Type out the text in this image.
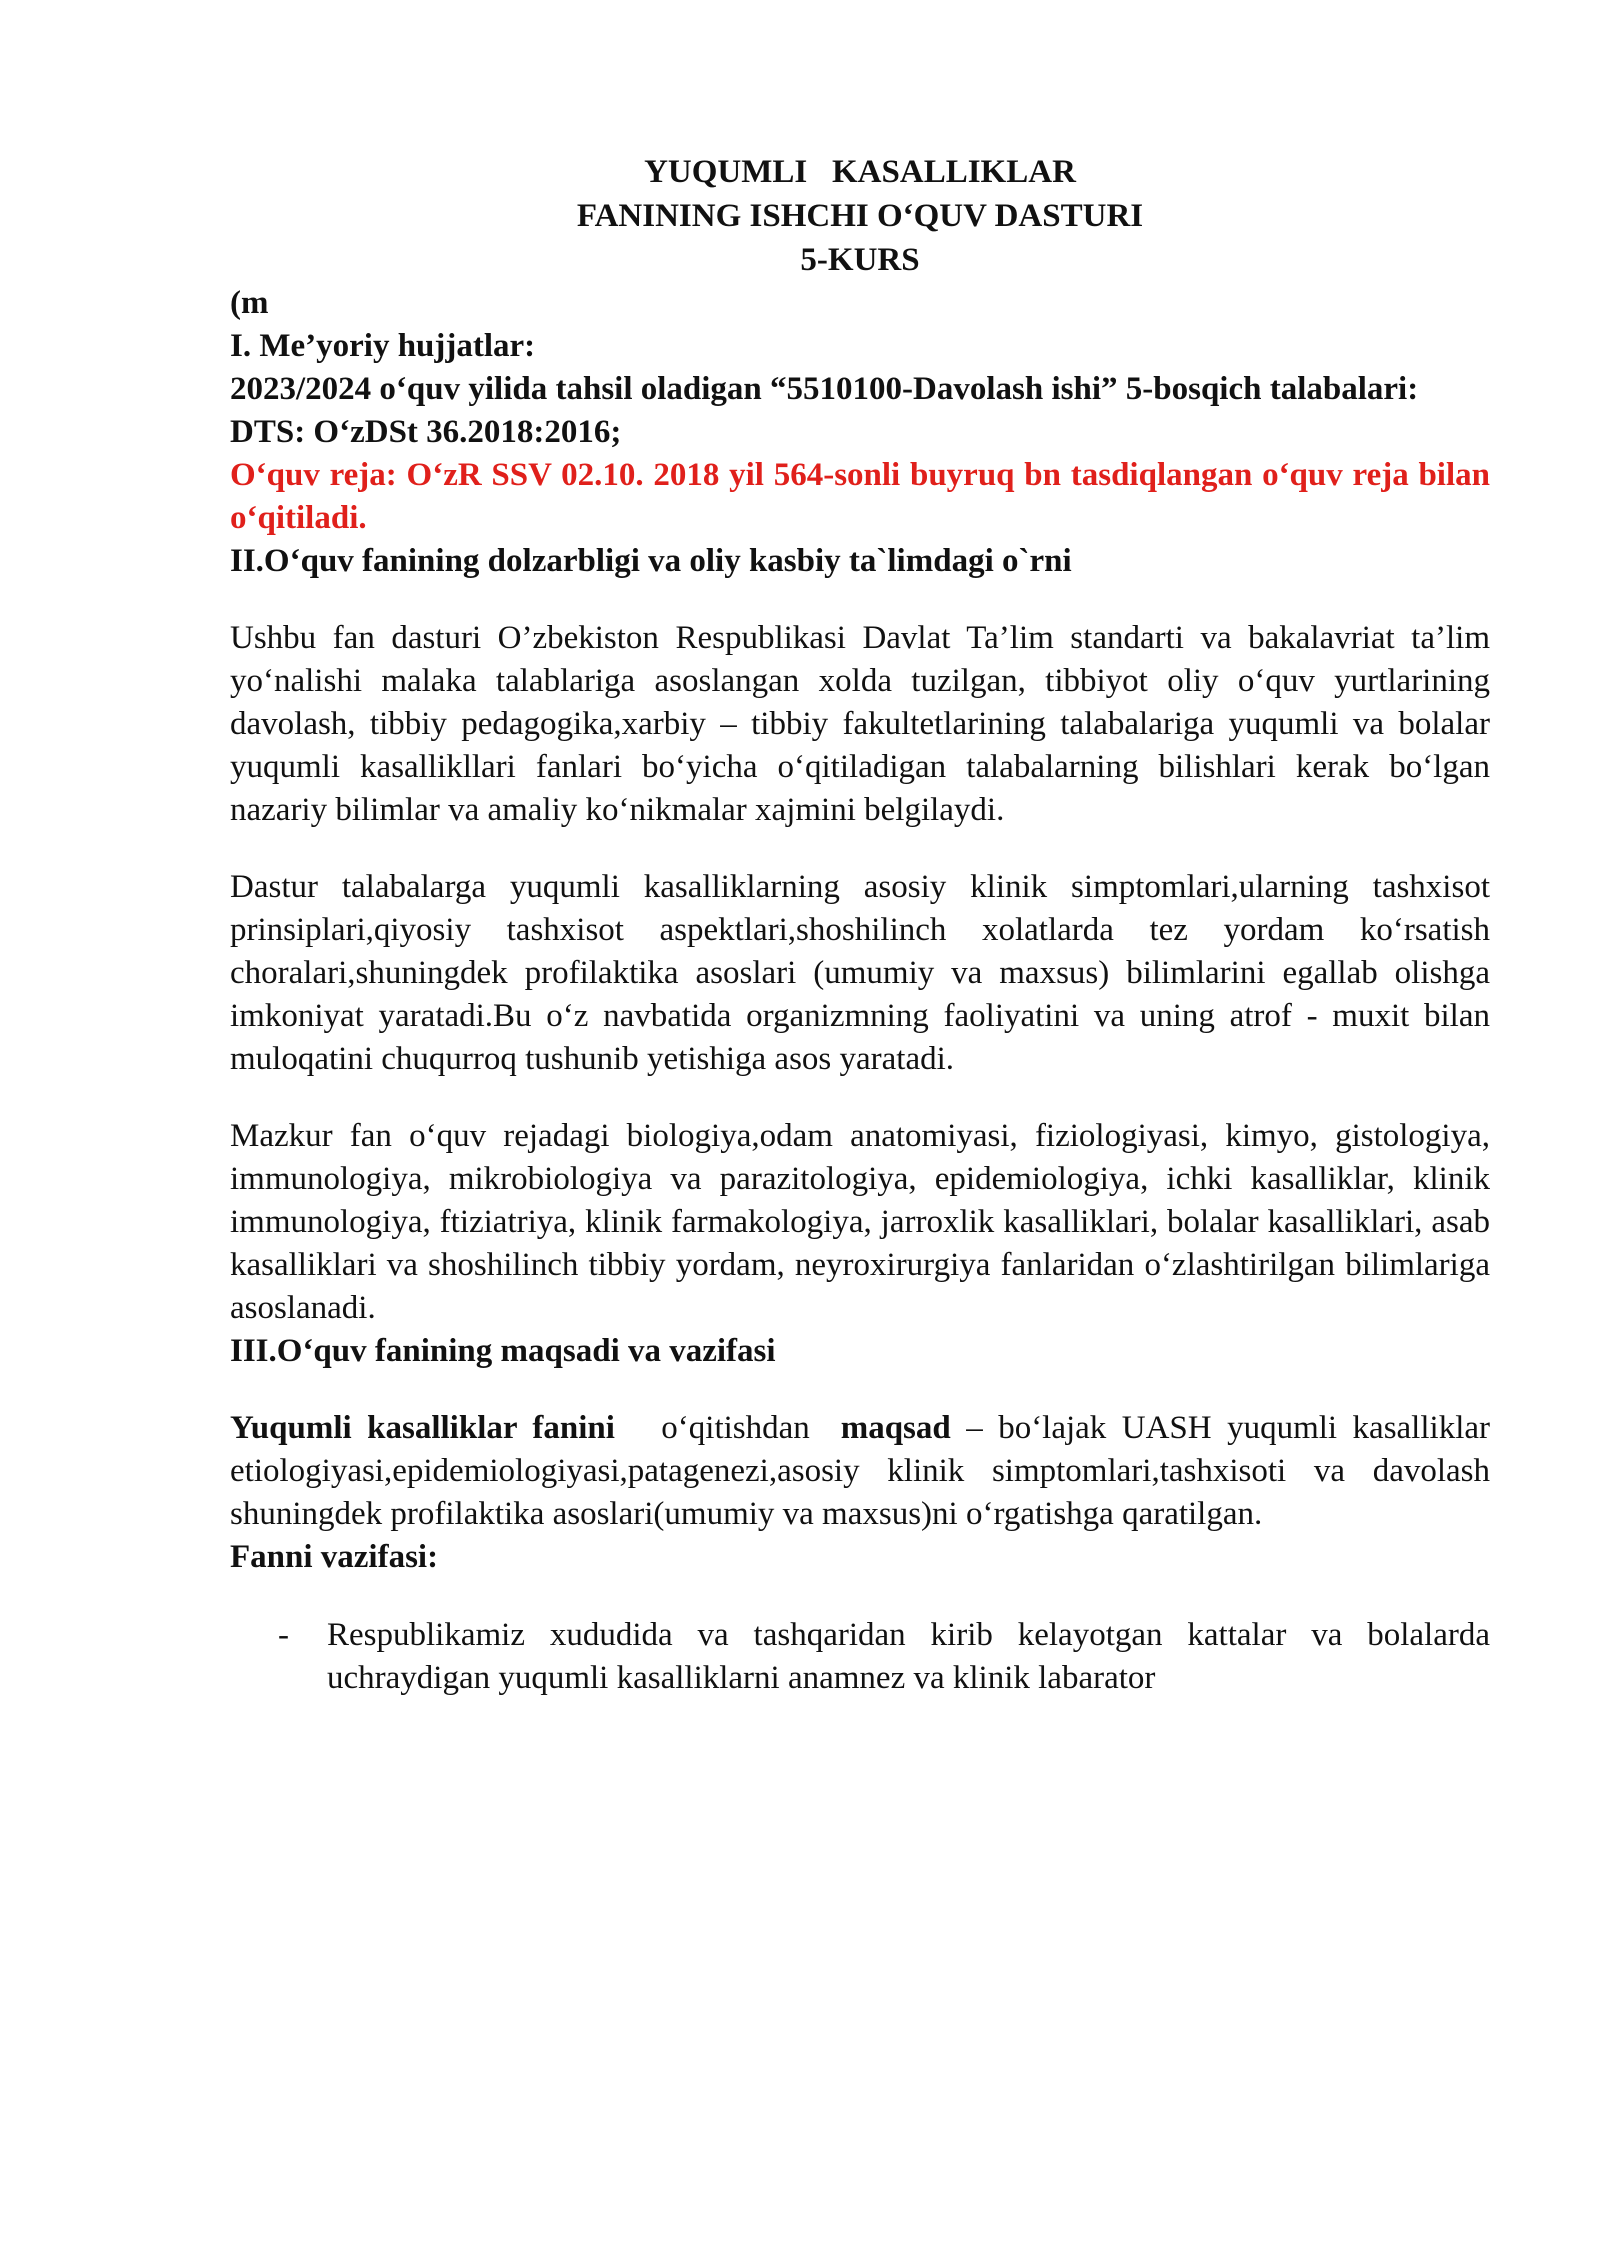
YUQUMLI   KASALLIKLAR
FANINING ISHCHI O‘QUV DASTURI
5-KURS

(m

I. Me’yoriy hujjatlar:

2023/2024 o‘quv yilida tahsil oladigan “5510100-Davolash ishi” 5-bosqich talabalari:

DTS: O‘zDSt 36.2018:2016;

O‘quv reja: O‘zR SSV 02.10. 2018 yil 564-sonli buyruq bn tasdiqlangan o‘quv reja bilan o‘qitiladi.

II.O‘quv fanining dolzarbligi va oliy kasbiy ta`limdagi o`rni

Ushbu fan dasturi O’zbekiston Respublikasi Davlat Ta’lim standarti va bakalavriat ta’lim yo‘nalishi malaka talablariga asoslangan xolda tuzilgan, tibbiyot oliy o‘quv yurtlarining davolash, tibbiy pedagogika,xarbiy – tibbiy fakultetlarining talabalariga yuqumli va bolalar yuqumli kasallikllari fanlari bo‘yicha o‘qitiladigan talabalarning bilishlari kerak bo‘lgan nazariy bilimlar va amaliy ko‘nikmalar xajmini belgilaydi.

Dastur talabalarga yuqumli kasalliklarning asosiy klinik simptomlari,ularning tashxisot prinsiplari,qiyosiy tashxisot aspektlari,shoshilinch xolatlarda tez yordam ko‘rsatish choralari,shuningdek profilaktika asoslari (umumiy va maxsus) bilimlarini egallab olishga imkoniyat yaratadi.Bu o‘z navbatida organizmning faoliyatini va uning atrof - muxit bilan muloqatini chuqurroq tushunib yetishiga asos yaratadi.

Mazkur fan o‘quv rejadagi biologiya,odam anatomiyasi, fiziologiyasi, kimyo, gistologiya, immunologiya, mikrobiologiya va parazitologiya, epidemiologiya, ichki kasalliklar, klinik immunologiya, ftiziatriya, klinik farmakologiya, jarroxlik kasalliklari, bolalar kasalliklari, asab kasalliklari va shoshilinch tibbiy yordam, neyroxirurgiya fanlaridan o‘zlashtirilgan bilimlariga asoslanadi.

III.O‘quv fanining maqsadi va vazifasi

Yuqumli kasalliklar fanini   o‘qitishdan  maqsad – bo‘lajak UASH yuqumli kasalliklar etiologiyasi,epidemiologiyasi,patagenezi,asosiy klinik simptomlari,tashxisoti va davolash shuningdek profilaktika asoslari(umumiy va maxsus)ni o‘rgatishga qaratilgan.

Fanni vazifasi:

- Respublikamiz xududida va tashqaridan kirib kelayotgan kattalar va bolalarda uchraydigan yuqumli kasalliklarni anamnez va klinik labarator
